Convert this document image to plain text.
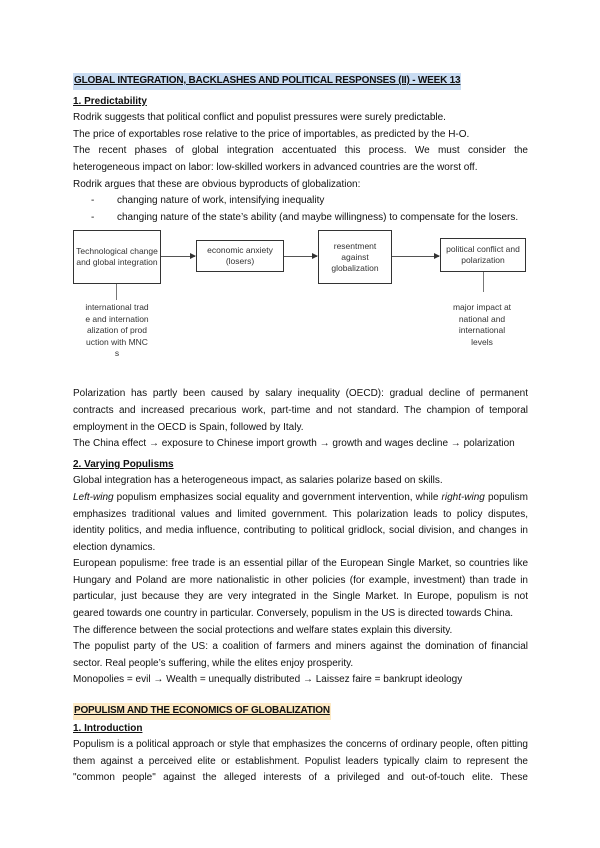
GLOBAL INTEGRATION, BACKLASHES AND POLITICAL RESPONSES (II) - WEEK 13
1. Predictability

Rodrik suggests that political conflict and populist pressures were surely predictable.

The price of exportables rose relative to the price of importables, as predicted by the H-O.

The recent phases of global integration accentuated this process. We must consider the heterogeneous impact on labor: low-skilled workers in advanced countries are the worst off.

Rodrik argues that these are obvious byproducts of globalization:

- changing nature of work, intensifying inequality
- changing nature of the state’s ability (and maybe willingness) to compensate for the losers.
Technological change and global integration
economic anxiety (losers)
resentment against globalization
political conflict and polarization
international trade and internationalization of production with MNCs
major impact at national and international levels

Polarization has partly been caused by salary inequality (OECD): gradual decline of permanent contracts and increased precarious work, part-time and not standard. The champion of temporal employment in the OECD is Spain, followed by Italy.

The China effect → exposure to Chinese import growth → growth and wages decline → polarization

2. Varying Populisms

Global integration has a heterogeneous impact, as salaries polarize based on skills.

Left-wing populism emphasizes social equality and government intervention, while right-wing populism emphasizes traditional values and limited government. This polarization leads to policy disputes, identity politics, and media influence, contributing to political gridlock, social division, and changes in election dynamics.

European populisme: free trade is an essential pillar of the European Single Market, so countries like Hungary and Poland are more nationalistic in other policies (for example, investment) than trade in particular, just because they are very integrated in the Single Market. In Europe, populism is not geared towards one country in particular. Conversely, populism in the US is directed towards China.

The difference between the social protections and welfare states explain this diversity.

The populist party of the US: a coalition of farmers and miners against the domination of financial sector. Real people’s suffering, while the elites enjoy prosperity.

Monopolies = evil → Wealth = unequally distributed → Laissez faire = bankrupt ideology

POPULISM AND THE ECONOMICS OF GLOBALIZATION
1. Introduction

Populism is a political approach or style that emphasizes the concerns of ordinary people, often pitting them against a perceived elite or establishment. Populist leaders typically claim to represent the "common people" against the alleged interests of a privileged and out-of-touch elite. These
